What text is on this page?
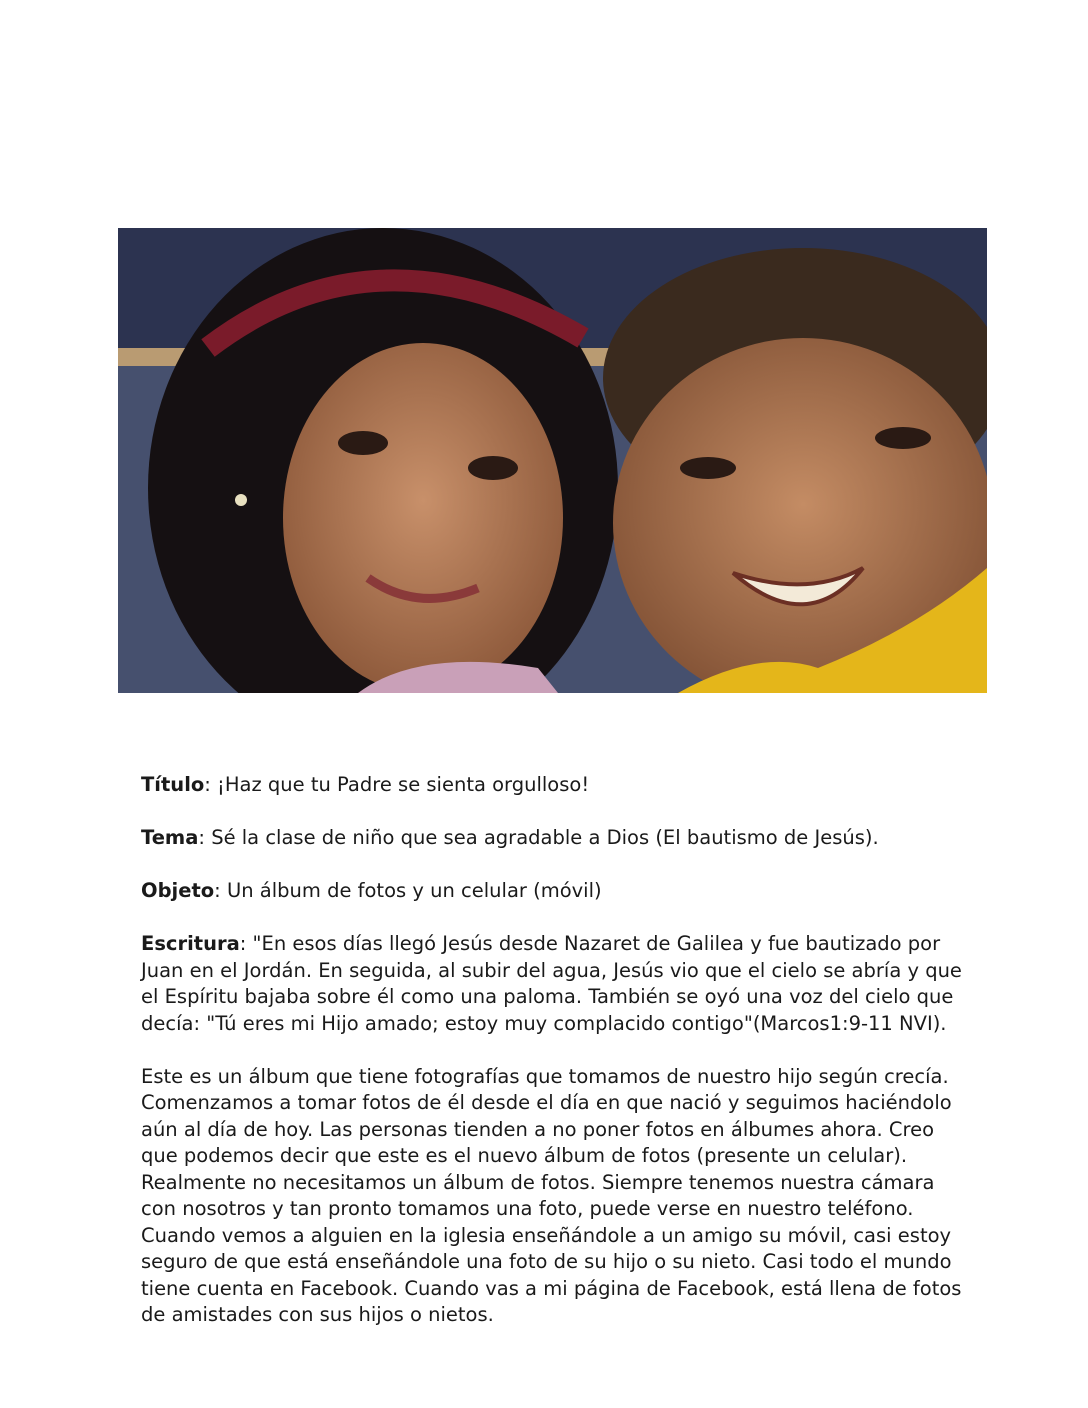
Título: ¡Haz que tu Padre se sienta orgulloso!

Tema: Sé la clase de niño que sea agradable a Dios (El bautismo de Jesús).

Objeto: Un álbum de fotos y un celular (móvil)

Escritura: "En esos días llegó Jesús desde Nazaret de Galilea y fue bautizado por Juan en el Jordán. En seguida, al subir del agua, Jesús vio que el cielo se abría y que el Espíritu bajaba sobre él como una paloma. También se oyó una voz del cielo que decía: "Tú eres mi Hijo amado; estoy muy complacido contigo"(Marcos1:9-11 NVI).

Este es un álbum que tiene fotografías que tomamos de nuestro hijo según crecía. Comenzamos a tomar fotos de él desde el día en que nació y seguimos haciéndolo aún al día de hoy. Las personas tienden a no poner fotos en álbumes ahora. Creo que podemos decir que este es el nuevo álbum de fotos (presente un celular). Realmente no necesitamos un álbum de fotos. Siempre tenemos nuestra cámara con nosotros y tan pronto tomamos una foto, puede verse en nuestro teléfono. Cuando vemos a alguien en la iglesia enseñándole a un amigo su móvil, casi estoy seguro de que está enseñándole una foto de su hijo o su nieto. Casi todo el mundo tiene cuenta en Facebook. Cuando vas a mi página de Facebook, está llena de fotos de amistades con sus hijos o nietos.
